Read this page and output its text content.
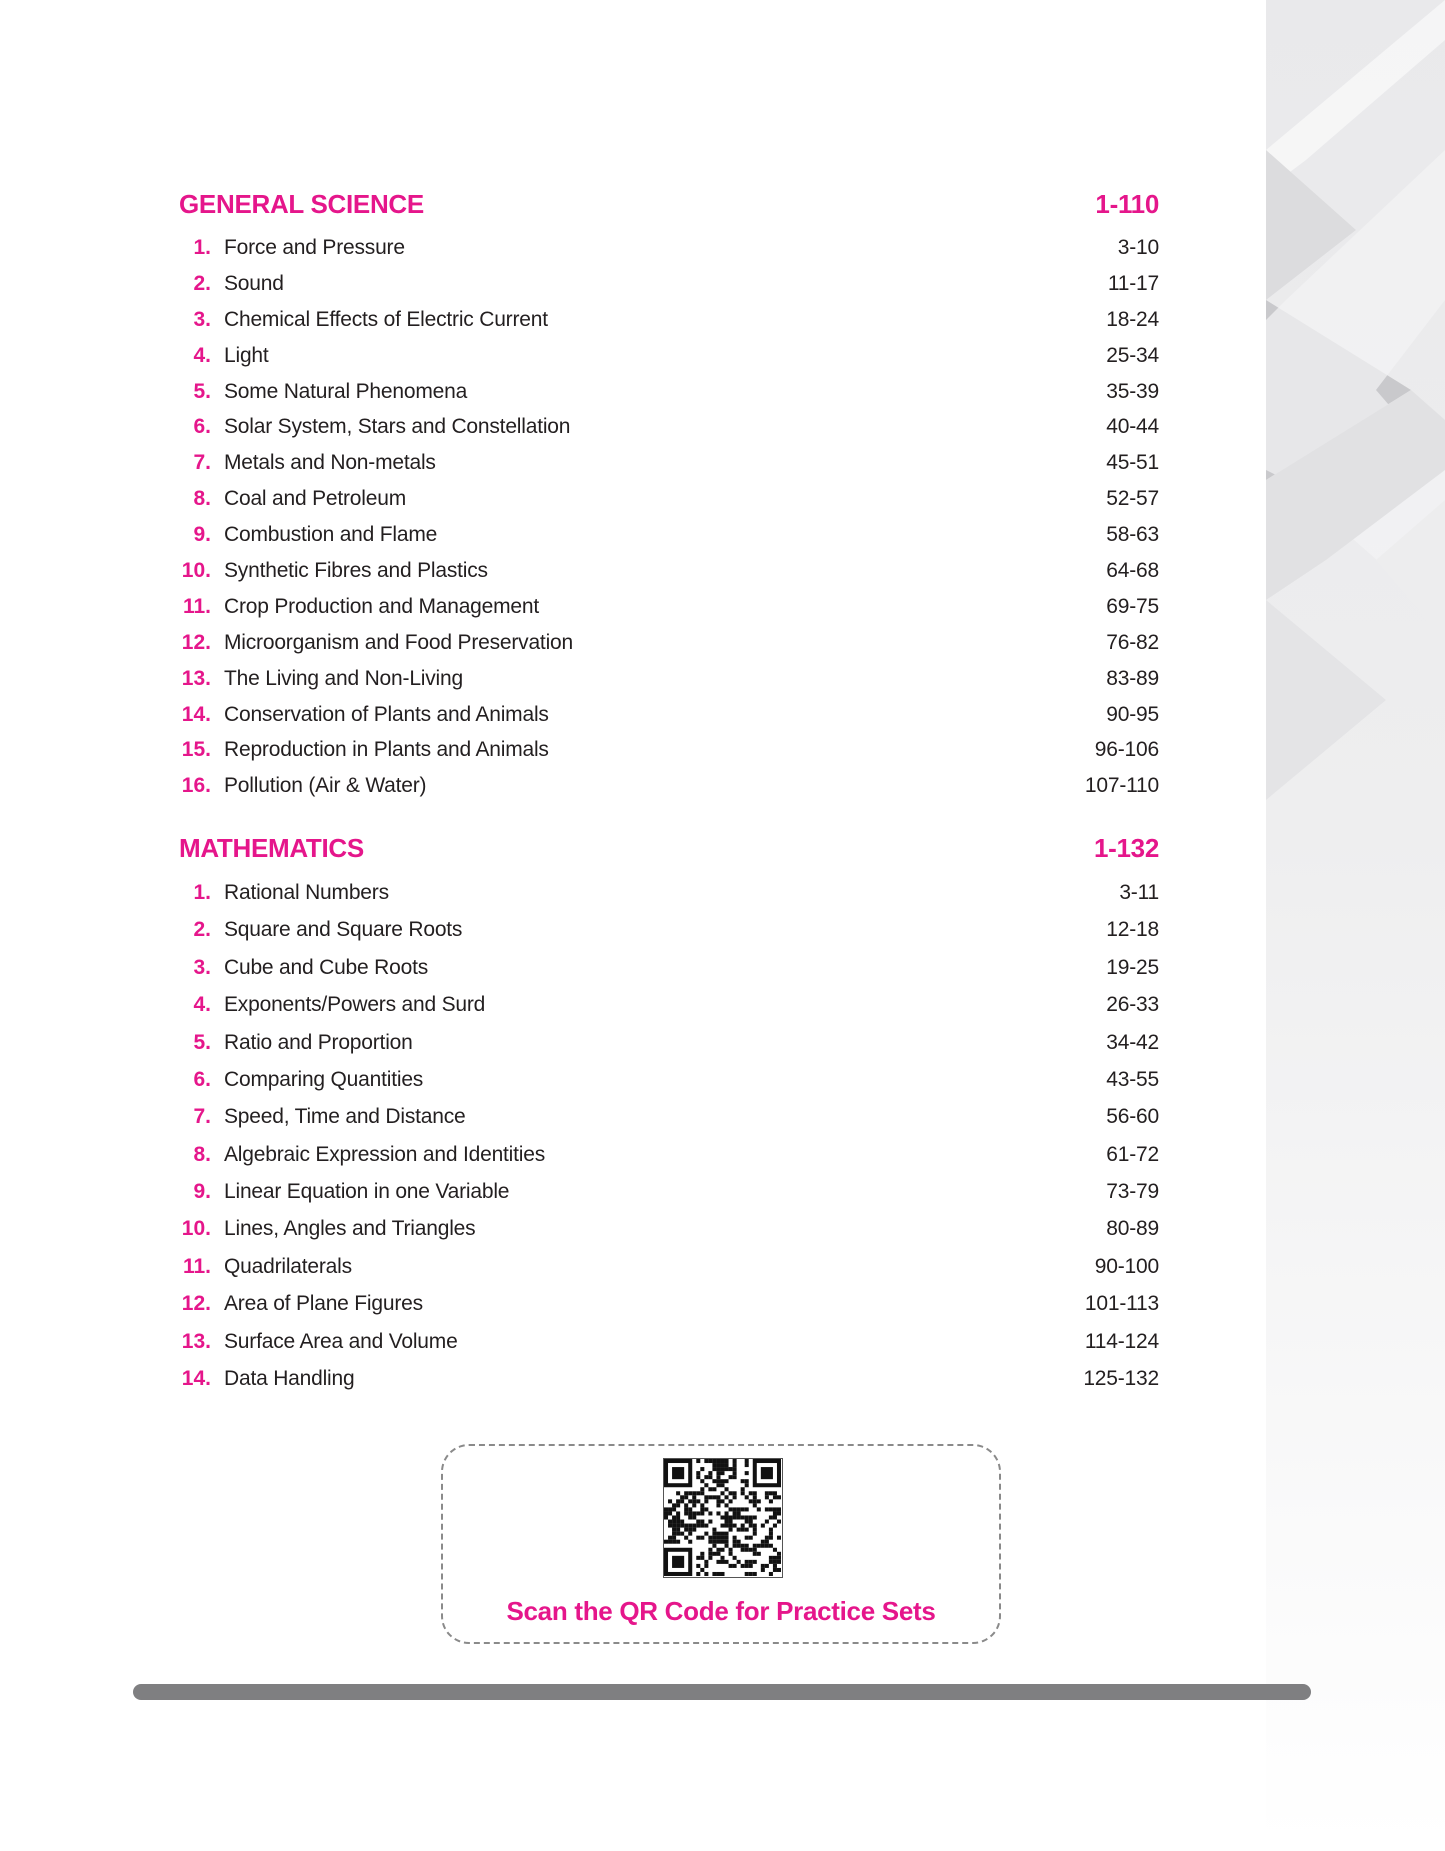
GENERAL SCIENCE	1-110
1. Force and Pressure	3-10
2. Sound	11-17
3. Chemical Effects of Electric Current	18-24
4. Light	25-34
5. Some Natural Phenomena	35-39
6. Solar System, Stars and Constellation	40-44
7. Metals and Non-metals	45-51
8. Coal and Petroleum	52-57
9. Combustion and Flame	58-63
10. Synthetic Fibres and Plastics	64-68
11. Crop Production and Management	69-75
12. Microorganism and Food Preservation	76-82
13. The Living and Non-Living	83-89
14. Conservation of Plants and Animals	90-95
15. Reproduction in Plants and Animals	96-106
16. Pollution (Air & Water)	107-110
MATHEMATICS	1-132
1. Rational Numbers	3-11
2. Square and Square Roots	12-18
3. Cube and Cube Roots	19-25
4. Exponents/Powers and Surd	26-33
5. Ratio and Proportion	34-42
6. Comparing Quantities	43-55
7. Speed, Time and Distance	56-60
8. Algebraic Expression and Identities	61-72
9. Linear Equation in one Variable	73-79
10. Lines, Angles and Triangles	80-89
11. Quadrilaterals	90-100
12. Area of Plane Figures	101-113
13. Surface Area and Volume	114-124
14. Data Handling	125-132
Scan the QR Code for Practice Sets
